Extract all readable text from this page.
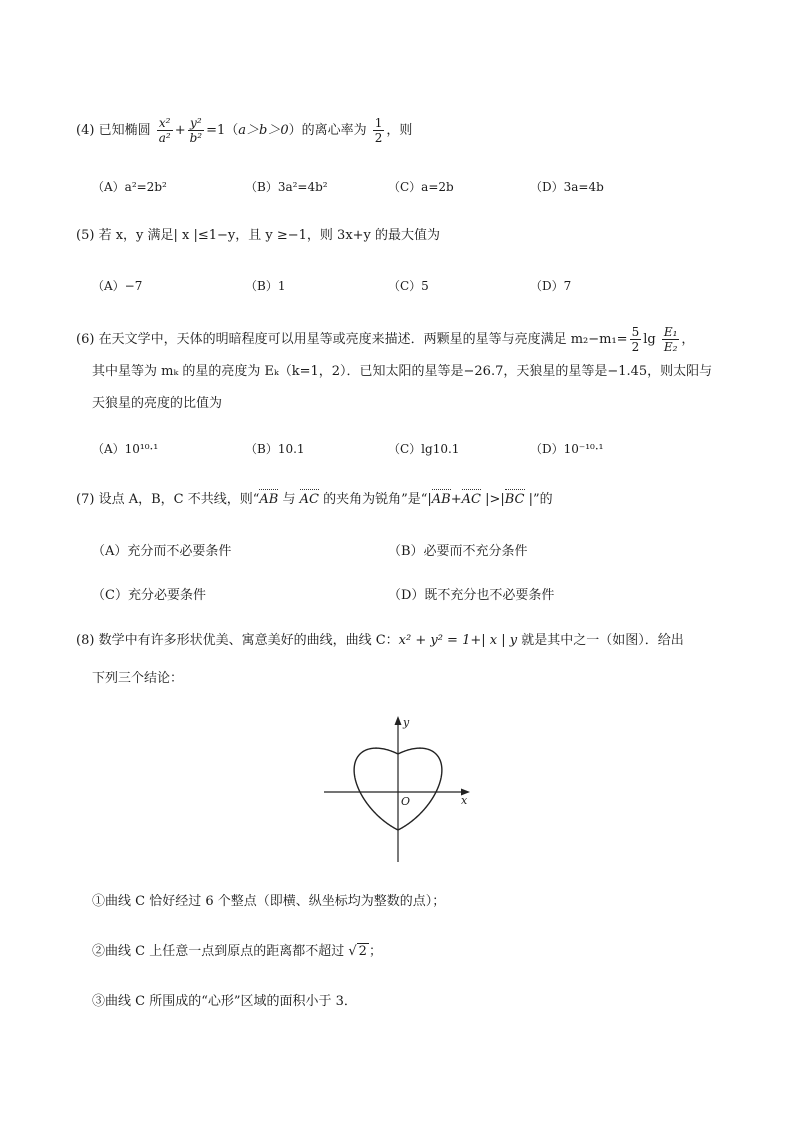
(4) 已知椭圆 $\frac{\text{x²}}{\text{a²}} + \frac{\text{y²}}{\text{b²}} =1(a>b>0)$的离心率为 $\frac{1}{2}$ ，则
（A）a²=2b²	（B）3a²=4b²	（C）a=2b	（D）3a=4b
(5) 若 x，y 满足| x |≤1−y，且 y ≥−1，则 3x+y 的最大值为
（A）−7	（B）1	（C）5	（D）7
(6) 在天文学中，天体的明暗程度可以用星等或亮度来描述．两颗星的星等与亮度满足 $m_2-m_1= \frac{5}{2}$ $\lg \frac{\text{E₁}}{\text{E₂}}$ ，
其中星等为 mₖ 的星的亮度为 Eₖ（k=1，2）．已知太阳的星等是−26.7，天狼星的星等是−1.45，则太阳与
天狼星的亮度的比值为
（A）10¹⁰·¹	（B）10.1	（C）lg10.1	（D）10⁻¹⁰·¹
(7) 设点 A，B，C 不共线，则“AB 与 AC 的夹角为锐角”是“|AB+AC |>|BC |”的
（A）充分而不必要条件	（B）必要而不充分条件
（C）充分必要条件	（D）既不充分也不必要条件
(8) 数学中有许多形状优美、寓意美好的曲线，曲线 C：x² + y² = 1+| x | y 就是其中之一（如图）．给出
下列三个结论：
x
y
O
①曲线 C 恰好经过 6 个整点（即横、纵坐标均为整数的点）；
②曲线 C 上任意一点到原点的距离都不超过 √ 2 ；
③曲线 C 所围成的“心形”区域的面积小于 3．
